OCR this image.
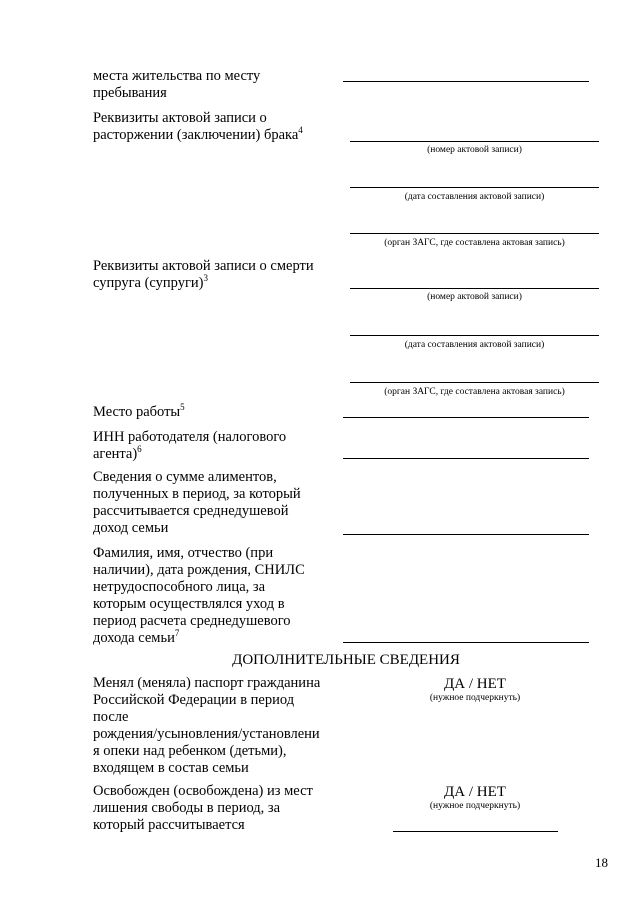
места жительства по месту
пребывания
Реквизиты актовой записи о
расторжении (заключении) брака$^4$
(номер актовой записи)
(дата составления актовой записи)
(орган ЗАГС, где составлена актовая запись)
Реквизиты актовой записи о смерти
супруга (супруги)$^3$
(номер актовой записи)
(дата составления актовой записи)
(орган ЗАГС, где составлена актовая запись)
Место работы$^5$
ИНН работодателя (налогового
агента)$^6$
Сведения о сумме алиментов,
полученных в период, за который
рассчитывается среднедушевой
доход семьи
Фамилия, имя, отчество (при
наличии), дата рождения, СНИЛС
нетрудоспособного лица, за
которым осуществлялся уход в
период расчета среднедушевого
дохода семьи$^7$
ДОПОЛНИТЕЛЬНЫЕ СВЕДЕНИЯ
Менял (меняла) паспорт гражданина
Российской Федерации в период
после
рождения/усыновления/установлени
я опеки над ребенком (детьми),
входящем в состав семьи
ДА / НЕТ
(нужное подчеркнуть)
Освобожден (освобождена) из мест
лишения свободы в период, за
который рассчитывается
ДА / НЕТ
(нужное подчеркнуть)
18
